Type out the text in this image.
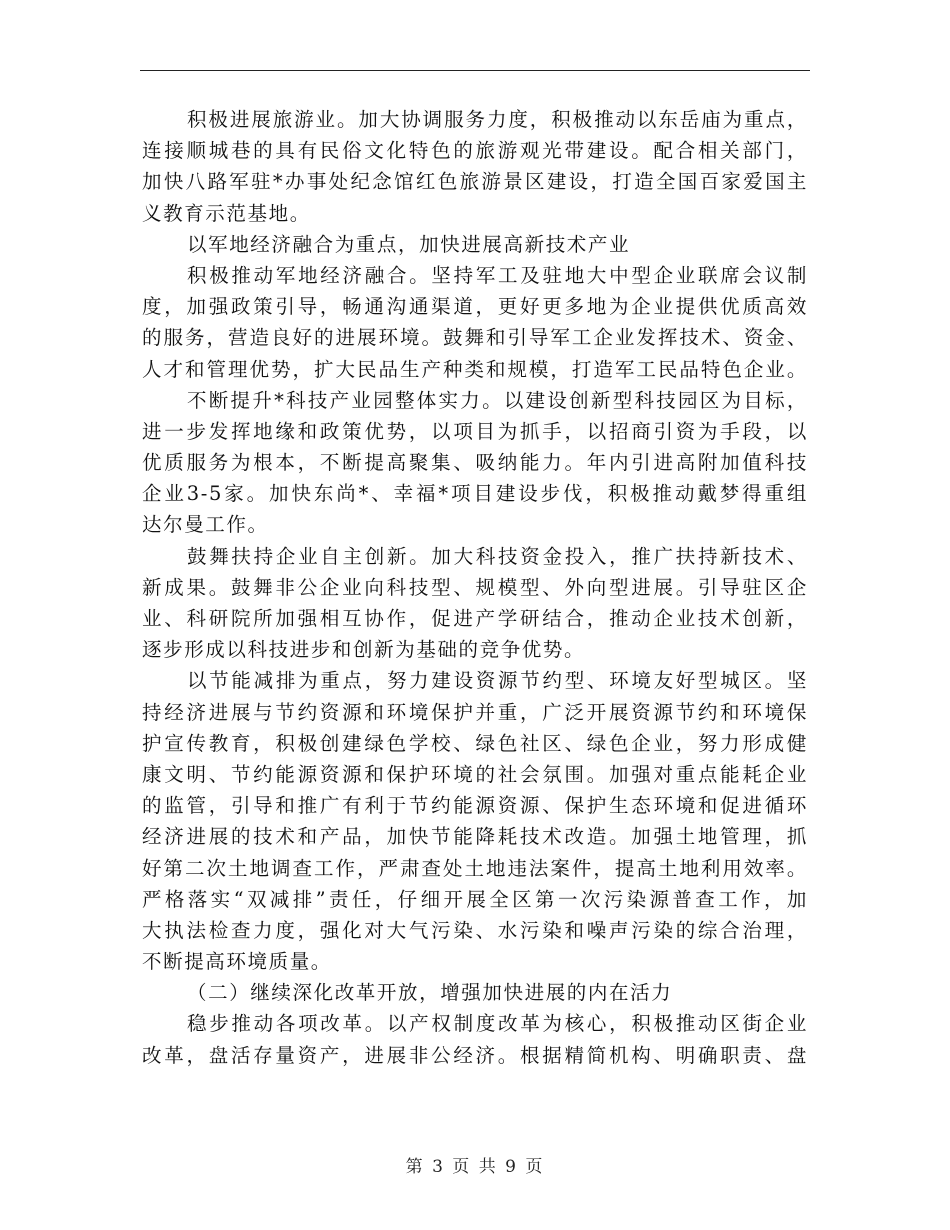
积极进展旅游业。加大协调服务力度，积极推动以东岳庙为重点，
连接顺城巷的具有民俗文化特色的旅游观光带建设。配合相关部门，
加快八路军驻*办事处纪念馆红色旅游景区建设，打造全国百家爱国主
义教育示范基地。
以军地经济融合为重点，加快进展高新技术产业
积极推动军地经济融合。坚持军工及驻地大中型企业联席会议制
度，加强政策引导，畅通沟通渠道，更好更多地为企业提供优质高效
的服务，营造良好的进展环境。鼓舞和引导军工企业发挥技术、资金、
人才和管理优势，扩大民品生产种类和规模，打造军工民品特色企业。
不断提升*科技产业园整体实力。以建设创新型科技园区为目标，
进一步发挥地缘和政策优势，以项目为抓手，以招商引资为手段，以
优质服务为根本，不断提高聚集、吸纳能力。年内引进高附加值科技
企业3-5家。加快东尚*、幸福*项目建设步伐，积极推动戴梦得重组
达尔曼工作。
鼓舞扶持企业自主创新。加大科技资金投入，推广扶持新技术、
新成果。鼓舞非公企业向科技型、规模型、外向型进展。引导驻区企
业、科研院所加强相互协作，促进产学研结合，推动企业技术创新，
逐步形成以科技进步和创新为基础的竞争优势。
以节能减排为重点，努力建设资源节约型、环境友好型城区。坚
持经济进展与节约资源和环境保护并重，广泛开展资源节约和环境保
护宣传教育，积极创建绿色学校、绿色社区、绿色企业，努力形成健
康文明、节约能源资源和保护环境的社会氛围。加强对重点能耗企业
的监管，引导和推广有利于节约能源资源、保护生态环境和促进循环
经济进展的技术和产品，加快节能降耗技术改造。加强土地管理，抓
好第二次土地调查工作，严肃查处土地违法案件，提高土地利用效率。
严格落实“双减排”责任，仔细开展全区第一次污染源普查工作，加
大执法检查力度，强化对大气污染、水污染和噪声污染的综合治理，
不断提高环境质量。
（二）继续深化改革开放，增强加快进展的内在活力
稳步推动各项改革。以产权制度改革为核心，积极推动区街企业
改革，盘活存量资产，进展非公经济。根据精简机构、明确职责、盘
第 3 页 共 9 页
